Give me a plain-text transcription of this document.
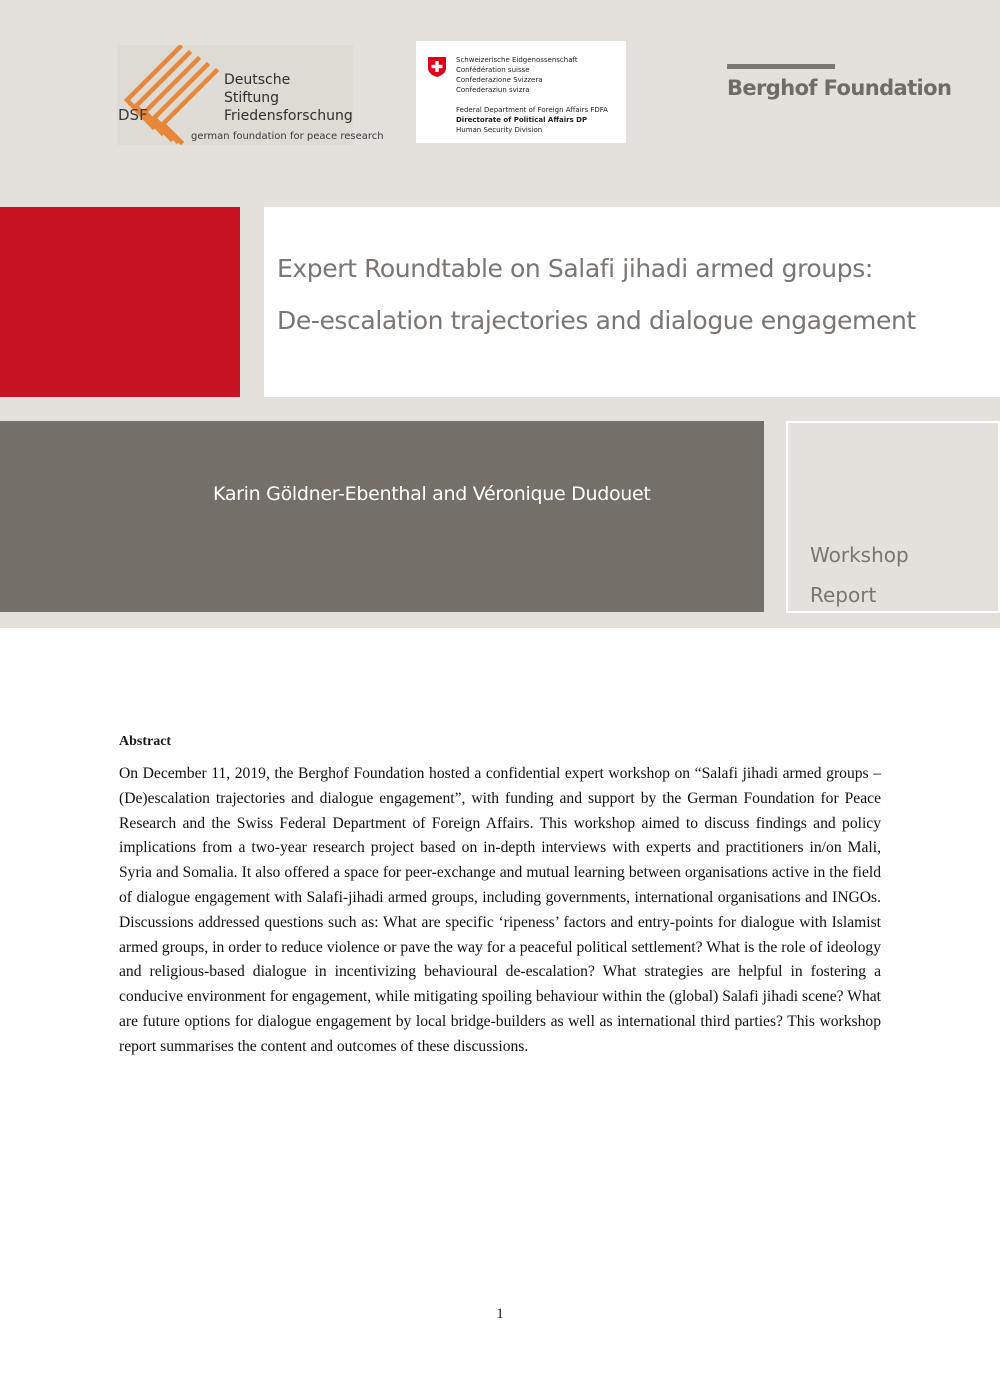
DSF
Deutsche
Stiftung
Friedensforschung
german foundation for peace research
Schweizerische Eidgenossenschaft
Confédération suisse
Confederazione Svizzera
Confederaziun svizra
Federal Department of Foreign Affairs FDFA
Directorate of Political Affairs DP
Human Security Division
Berghof Foundation
Expert Roundtable on Salafi jihadi armed groups:
De-escalation trajectories and dialogue engagement
Karin Göldner-Ebenthal and Véronique Dudouet
Workshop
Report
Abstract
On December 11, 2019, the Berghof Foundation hosted a confidential expert workshop on “Salafi jihadi armed groups – (De)escalation trajectories and dialogue engagement”, with funding and support by the German Foundation for Peace Research and the Swiss Federal Department of Foreign Affairs. This workshop aimed to discuss findings and policy implications from a two-year research project based on in-depth interviews with experts and practitioners in/on Mali, Syria and Somalia. It also offered a space for peer-exchange and mutual learning between organisations active in the field of dialogue engagement with Salafi-jihadi armed groups, including governments, international organisations and INGOs. Discussions addressed questions such as: What are specific ‘ripeness’ factors and entry-points for dialogue with Islamist armed groups, in order to reduce violence or pave the way for a peaceful political settlement? What is the role of ideology and religious-based dialogue in incentivizing behavioural de-escalation? What strategies are helpful in fostering a conducive environment for engagement, while mitigating spoiling behaviour within the (global) Salafi jihadi scene? What are future options for dialogue engagement by local bridge-builders as well as international third parties? This workshop report summarises the content and outcomes of these discussions.
1
